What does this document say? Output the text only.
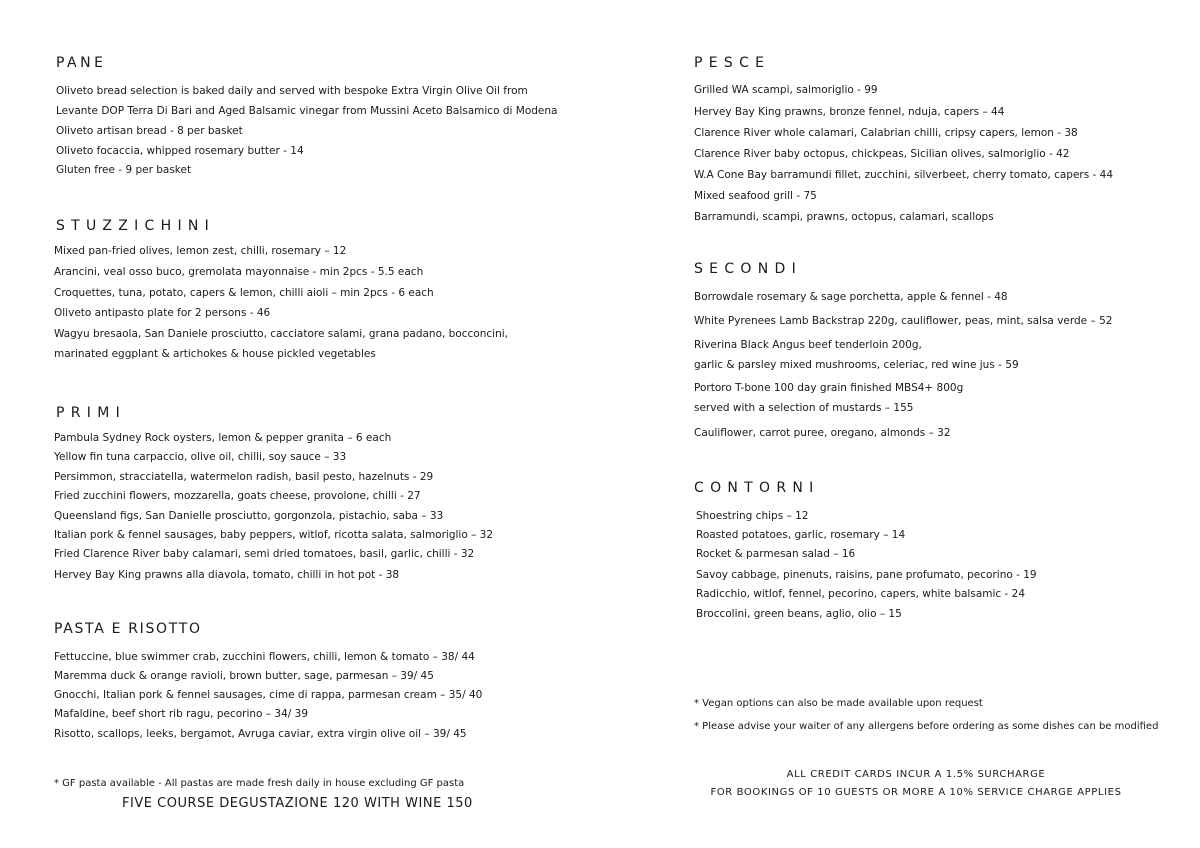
PANE
Oliveto bread selection is baked daily and served with bespoke Extra Virgin Olive Oil from
Levante DOP Terra Di Bari and Aged Balsamic vinegar from Mussini Aceto Balsamico di Modena
Oliveto artisan bread - 8 per basket
Oliveto focaccia, whipped rosemary butter - 14
Gluten free - 9 per basket
STUZZICHINI
Mixed pan-fried olives, lemon zest, chilli, rosemary – 12
Arancini, veal osso buco, gremolata mayonnaise - min 2pcs - 5.5 each
Croquettes, tuna, potato, capers & lemon, chilli aioli – min 2pcs - 6 each
Oliveto antipasto plate for 2 persons - 46
Wagyu bresaola, San Daniele prosciutto, cacciatore salami, grana padano, bocconcini,
marinated eggplant & artichokes & house pickled vegetables
PRIMI
Pambula Sydney Rock oysters, lemon & pepper granita – 6 each
Yellow fin tuna carpaccio, olive oil, chilli, soy sauce – 33
Persimmon, stracciatella, watermelon radish, basil pesto, hazelnuts - 29
Fried zucchini flowers, mozzarella, goats cheese, provolone, chilli - 27
Queensland figs, San Danielle prosciutto, gorgonzola, pistachio, saba – 33
Italian pork & fennel sausages, baby peppers, witlof, ricotta salata, salmoriglio – 32
Fried Clarence River baby calamari, semi dried tomatoes, basil, garlic, chilli - 32
Hervey Bay King prawns alla diavola, tomato, chilli in hot pot - 38
PASTA E RISOTTO
Fettuccine, blue swimmer crab, zucchini flowers, chilli, lemon & tomato – 38/ 44
Maremma duck & orange ravioli, brown butter, sage, parmesan – 39/ 45
Gnocchi, Italian pork & fennel sausages, cime di rappa, parmesan cream – 35/ 40
Mafaldine, beef short rib ragu, pecorino – 34/ 39
Risotto, scallops, leeks, bergamot, Avruga caviar, extra virgin olive oil – 39/ 45
* GF pasta available - All pastas are made fresh daily in house excluding GF pasta
FIVE COURSE DEGUSTAZIONE 120 WITH WINE 150
PESCE
Grilled WA scampi, salmoriglio - 99
Hervey Bay King prawns, bronze fennel, nduja, capers – 44
Clarence River whole calamari, Calabrian chilli, cripsy capers, lemon - 38
Clarence River baby octopus, chickpeas, Sicilian olives, salmoriglio - 42
W.A Cone Bay barramundi fillet, zucchini, silverbeet, cherry tomato, capers - 44
Mixed seafood grill - 75
Barramundi, scampi, prawns, octopus, calamari, scallops
SECONDI
Borrowdale rosemary & sage porchetta, apple & fennel - 48
White Pyrenees Lamb Backstrap 220g, cauliflower, peas, mint, salsa verde – 52
Riverina Black Angus beef tenderloin 200g,
garlic & parsley mixed mushrooms, celeriac, red wine jus - 59
Portoro T-bone 100 day grain finished MBS4+ 800g
served with a selection of mustards – 155
Cauliflower, carrot puree, oregano, almonds – 32
CONTORNI
Shoestring chips – 12
Roasted potatoes, garlic, rosemary – 14
Rocket & parmesan salad – 16
Savoy cabbage, pinenuts, raisins, pane profumato, pecorino - 19
Radicchio, witlof, fennel, pecorino, capers, white balsamic - 24
Broccolini, green beans, aglio, olio – 15
* Vegan options can also be made available upon request
* Please advise your waiter of any allergens before ordering as some dishes can be modified
ALL CREDIT CARDS INCUR A 1.5% SURCHARGE
FOR BOOKINGS OF 10 GUESTS OR MORE A 10% SERVICE CHARGE APPLIES
